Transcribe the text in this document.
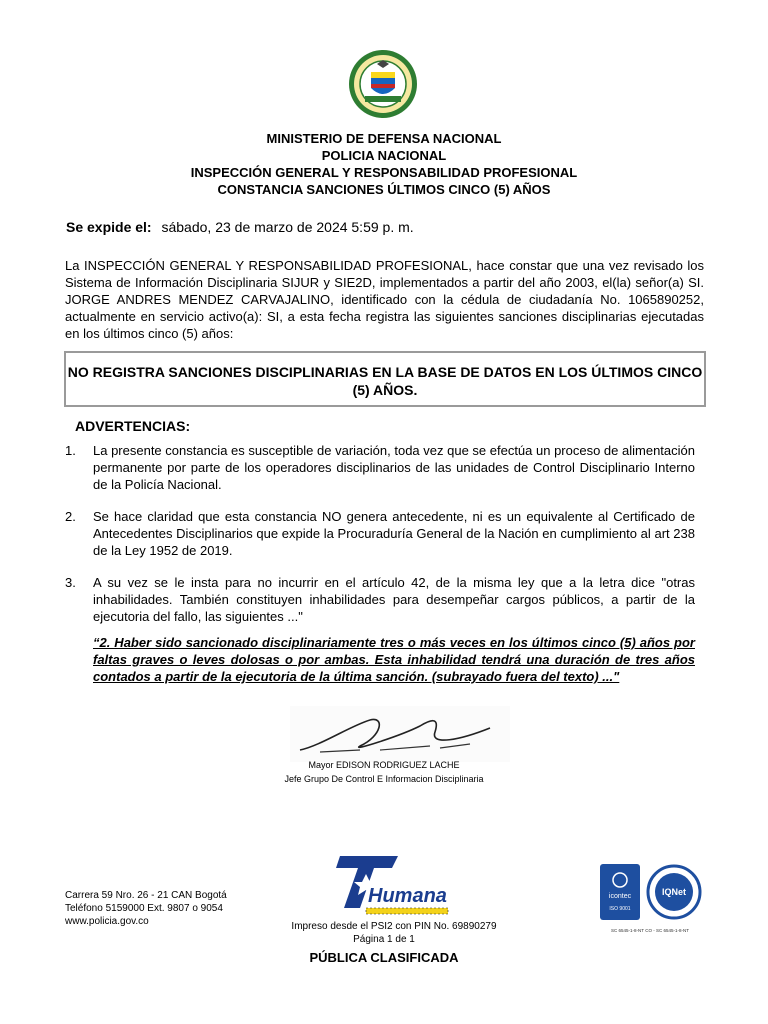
MINISTERIO DE DEFENSA NACIONAL
POLICIA NACIONAL
INSPECCIÓN GENERAL Y RESPONSABILIDAD PROFESIONAL
CONSTANCIA SANCIONES ÚLTIMOS CINCO (5) AÑOS
Se expide el: sábado, 23 de marzo de 2024 5:59 p. m.
La INSPECCIÓN GENERAL Y RESPONSABILIDAD PROFESIONAL, hace constar que una vez revisado los Sistema de Información Disciplinaria SIJUR y SIE2D, implementados a partir del año 2003, el(la) señor(a) SI. JORGE ANDRES MENDEZ CARVAJALINO, identificado con la cédula de ciudadanía No. 1065890252, actualmente en servicio activo(a): SI, a esta fecha registra las siguientes sanciones disciplinarias ejecutadas en los últimos cinco (5) años:
NO REGISTRA SANCIONES DISCIPLINARIAS EN LA BASE DE DATOS EN LOS ÚLTIMOS CINCO (5) AÑOS.
ADVERTENCIAS:
1.	La presente constancia es susceptible de variación, toda vez que se efectúa un proceso de alimentación permanente por parte de los operadores disciplinarios de las unidades de Control Disciplinario Interno de la Policía Nacional.
2.	Se hace claridad que esta constancia NO genera antecedente, ni es un equivalente al Certificado de Antecedentes Disciplinarios que expide la Procuraduría General de la Nación en cumplimiento al art 238 de la Ley 1952 de 2019.
3.	A su vez se le insta para no incurrir en el artículo 42, de la misma ley que a la letra dice "otras inhabilidades. También constituyen inhabilidades para desempeñar cargos públicos, a partir de la ejecutoria del fallo, las siguientes ..."
“2. Haber sido sancionado disciplinariamente tres o más veces en los últimos cinco (5) años por faltas graves o leves dolosas o por ambas. Esta inhabilidad tendrá una duración de tres años contados a partir de la ejecutoria de la última sanción. (subrayado fuera del texto) ..."
Mayor EDISON RODRIGUEZ LACHE
Jefe Grupo De Control E Informacion Disciplinaria
Carrera 59 Nro. 26 - 21 CAN Bogotá
Teléfono 5159000 Ext. 9807 o 9054
www.policia.gov.co
Humana
Impreso desde el PSI2 con PIN No. 69890279
Página 1 de 1
PÚBLICA CLASIFICADA
icontec
ISO 9001
IQNet
SC 6545-1-8-NT CO - SC 6545-1-8-NT
